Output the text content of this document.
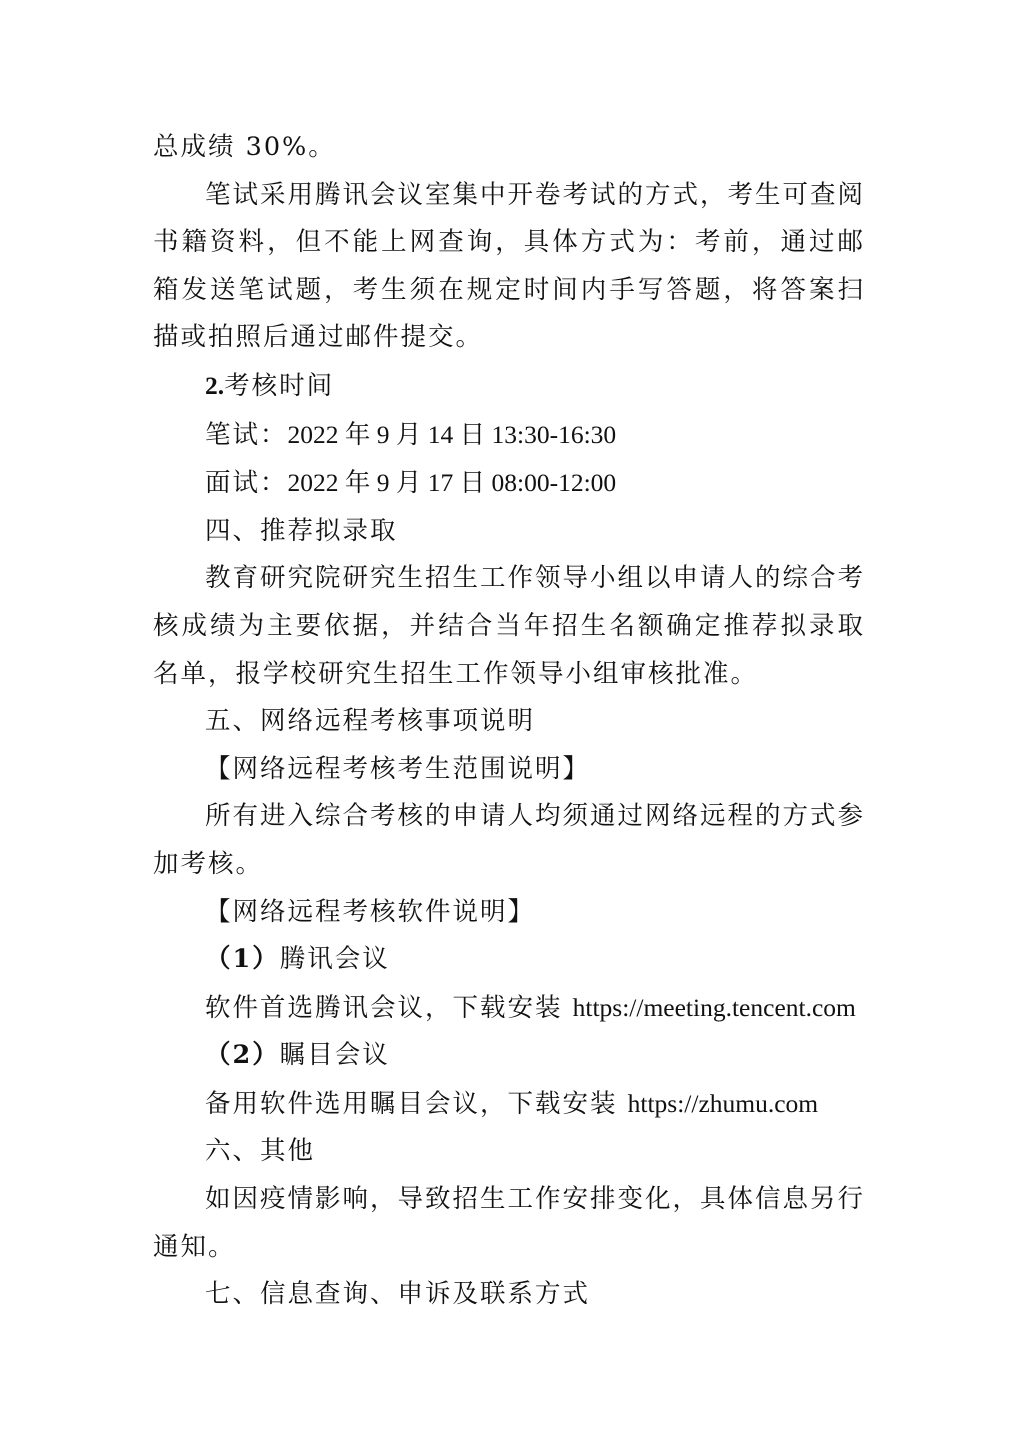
总成绩 30%。

笔试采用腾讯会议室集中开卷考试的方式，考生可查阅书籍资料，但不能上网查询，具体方式为：考前，通过邮箱发送笔试题，考生须在规定时间内手写答题，将答案扫描或拍照后通过邮件提交。

2.考核时间

笔试：2022 年 9 月 14 日 13:30-16:30

面试：2022 年 9 月 17 日 08:00-12:00

四、推荐拟录取

教育研究院研究生招生工作领导小组以申请人的综合考核成绩为主要依据，并结合当年招生名额确定推荐拟录取名单，报学校研究生招生工作领导小组审核批准。

五、网络远程考核事项说明

【网络远程考核考生范围说明】

所有进入综合考核的申请人均须通过网络远程的方式参加考核。

【网络远程考核软件说明】

（1）腾讯会议

软件首选腾讯会议，下载安装 https://meeting.tencent.com

（2）瞩目会议

备用软件选用瞩目会议，下载安装 https://zhumu.com

六、其他

如因疫情影响，导致招生工作安排变化，具体信息另行通知。

七、信息查询、申诉及联系方式
